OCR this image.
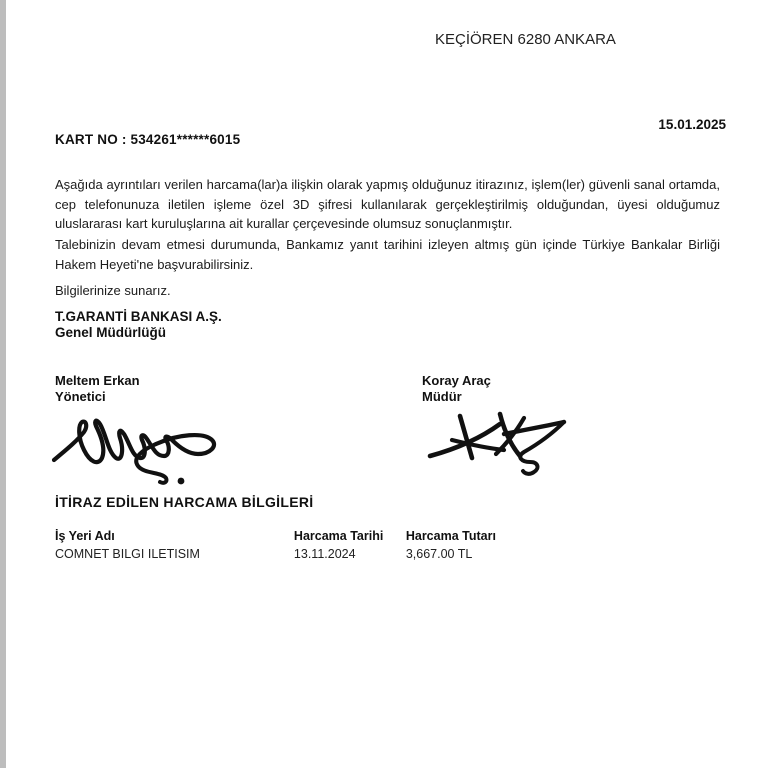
KEÇİÖREN 6280 ANKARA
15.01.2025
KART NO : 534261******6015
Aşağıda ayrıntıları verilen harcama(lar)a ilişkin olarak yapmış olduğunuz itirazınız, işlem(ler) güvenli sanal ortamda, cep telefonunuza iletilen işleme özel 3D şifresi kullanılarak gerçekleştirilmiş olduğundan, üyesi olduğumuz uluslararası kart kuruluşlarına ait kurallar çerçevesinde olumsuz sonuçlanmıştır.
Talebinizin devam etmesi durumunda, Bankamız yanıt tarihini izleyen altmış gün içinde Türkiye Bankalar Birliği Hakem Heyeti'ne başvurabilirsiniz.
Bilgilerinize sunarız.
T.GARANTİ BANKASI A.Ş.
Genel Müdürlüğü
Meltem Erkan
Yönetici
Koray Araç
Müdür
İTİRAZ EDİLEN HARCAMA BİLGİLERİ
İş Yeri Adı	Harcama Tarihi	Harcama Tutarı
COMNET BILGI ILETISIM	13.11.2024	3,667.00 TL
